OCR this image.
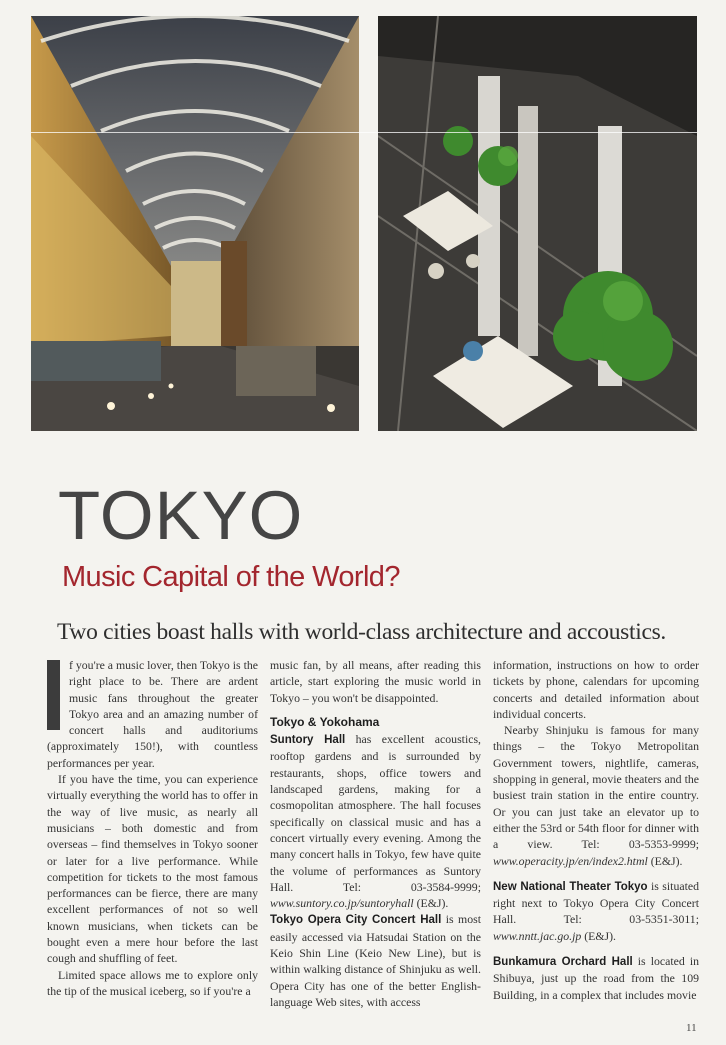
TOKYO
Music Capital of the World?

Two cities boast halls with world-class architecture and accoustics.

f you're a music lover, then Tokyo is the right place to be. There are ardent music fans throughout the greater Tokyo area and an amazing number of concert halls and auditoriums (approximately 150!), with countless performances per year.

If you have the time, you can experience virtually everything the world has to offer in the way of live music, as nearly all musicians – both domestic and from overseas – find themselves in Tokyo sooner or later for a live performance. While competition for tickets to the most famous performances can be fierce, there are many excellent performances of not so well known musicians, when tickets can be bought even a mere hour before the last cough and shuffling of feet.

Limited space allows me to explore only the tip of the musical iceberg, so if you're a

music fan, by all means, after reading this article, start exploring the music world in Tokyo – you won't be disappointed.

Tokyo & Yokohama

Suntory Hall has excellent acoustics, rooftop gardens and is surrounded by restaurants, shops, office towers and landscaped gardens, making for a cosmopolitan atmosphere. The hall focuses specifically on classical music and has a concert virtually every evening. Among the many concert halls in Tokyo, few have quite the volume of performances as Suntory Hall. Tel: 03-3584-9999; www.suntory.co.jp/suntoryhall (E&J).

Tokyo Opera City Concert Hall is most easily accessed via Hatsudai Station on the Keio Shin Line (Keio New Line), but is within walking distance of Shinjuku as well. Opera City has one of the better English-language Web sites, with access

information, instructions on how to order tickets by phone, calendars for upcoming concerts and detailed information about individual concerts.

Nearby Shinjuku is famous for many things – the Tokyo Metropolitan Government towers, nightlife, cameras, shopping in general, movie theaters and the busiest train station in the entire country. Or you can just take an elevator up to either the 53rd or 54th floor for dinner with a view. Tel: 03-5353-9999; www.operacity.jp/en/index2.html (E&J).

New National Theater Tokyo is situated right next to Tokyo Opera City Concert Hall. Tel: 03-5351-3011; www.nntt.jac.go.jp (E&J).

Bunkamura Orchard Hall is located in Shibuya, just up the road from the 109 Building, in a complex that includes movie

11
